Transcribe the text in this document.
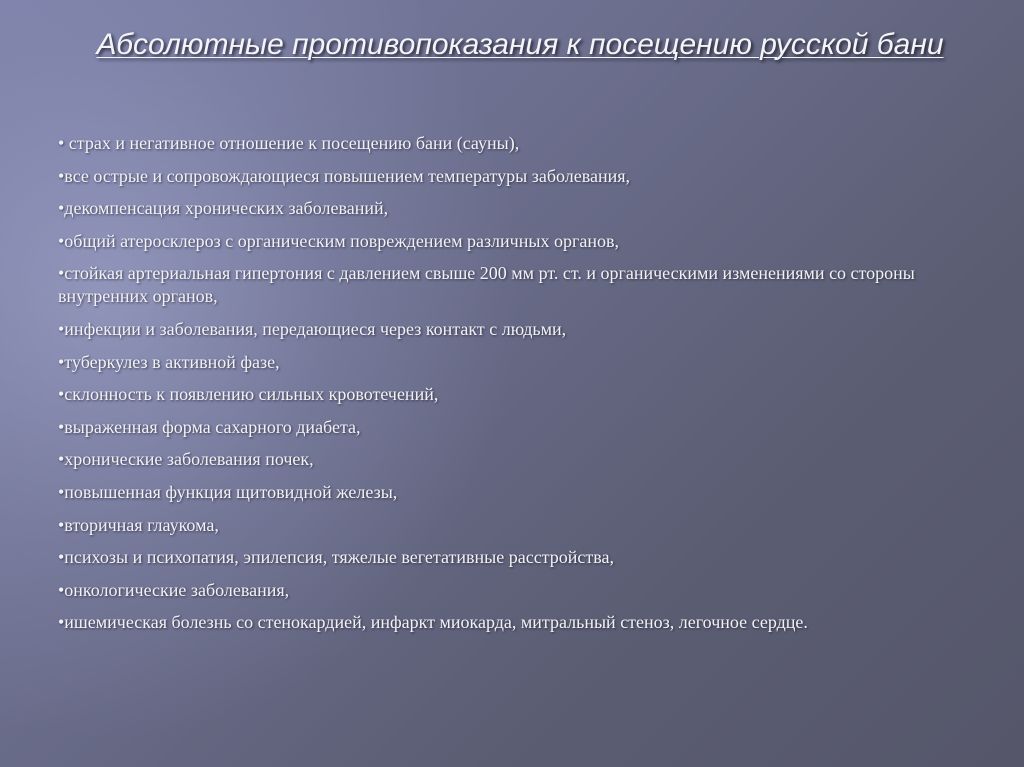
Абсолютные противопоказания к посещению русской бани
• страх и негативное отношение к посещению бани (сауны),
•все острые и сопровождающиеся повышением температуры заболевания,
•декомпенсация хронических заболеваний,
•общий атеросклероз с органическим повреждением различных органов,
•стойкая артериальная гипертония с давлением свыше 200 мм рт. ст. и органическими изменениями со стороны внутренних органов,
•инфекции и заболевания, передающиеся через контакт с людьми,
•туберкулез в активной фазе,
•склонность к появлению сильных кровотечений,
•выраженная форма сахарного диабета,
•хронические заболевания почек,
•повышенная функция щитовидной железы,
•вторичная глаукома,
•психозы и психопатия, эпилепсия, тяжелые вегетативные расстройства,
•онкологические заболевания,
•ишемическая болезнь со стенокардией, инфаркт миокарда, митральный стеноз, легочное сердце.
